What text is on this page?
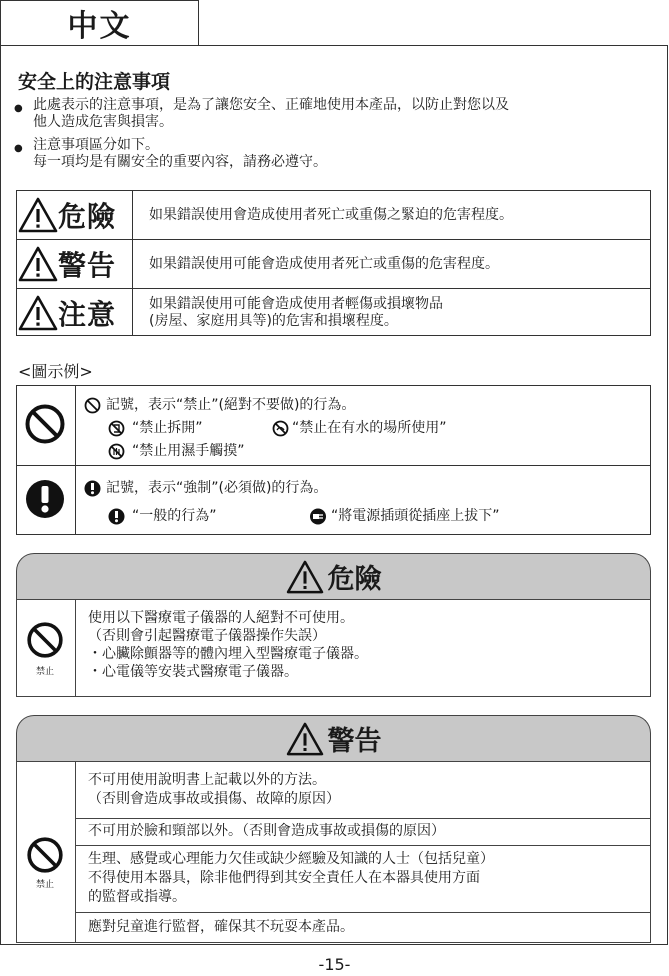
中文
安全上的注意事項
● 此處表示的注意事項，是為了讓您安全、正確地使用本產品，以防止對您以及
他人造成危害與損害。
● 注意事項區分如下。
每一項均是有關安全的重要內容，請務必遵守。
危險
警告
注意
如果錯誤使用會造成使用者死亡或重傷之緊迫的危害程度。
如果錯誤使用可能會造成使用者死亡或重傷的危害程度。
如果錯誤使用可能會造成使用者輕傷或損壞物品
(房屋、家庭用具等)的危害和損壞程度。
<圖示例>
記號，表示“禁止”(絕對不要做)的行為。
“禁止拆開”	“禁止在有水的場所使用”
“禁止用濕手觸摸”
記號，表示“強制”(必須做)的行為。
“一般的行為”	“將電源插頭從插座上拔下”
危險
禁止
使用以下醫療電子儀器的人絕對不可使用。
（否則會引起醫療電子儀器操作失誤）
・心臟除顫器等的體內埋入型醫療電子儀器。
・心電儀等安裝式醫療電子儀器。
警告
禁止
不可用使用說明書上記載以外的方法。
（否則會造成事故或損傷、故障的原因）
不可用於臉和頸部以外。（否則會造成事故或損傷的原因）
生理、感覺或心理能力欠佳或缺少經驗及知識的人士（包括兒童）
不得使用本器具，除非他們得到其安全責任人在本器具使用方面
的監督或指導。
應對兒童進行監督，確保其不玩耍本產品。
-15-
